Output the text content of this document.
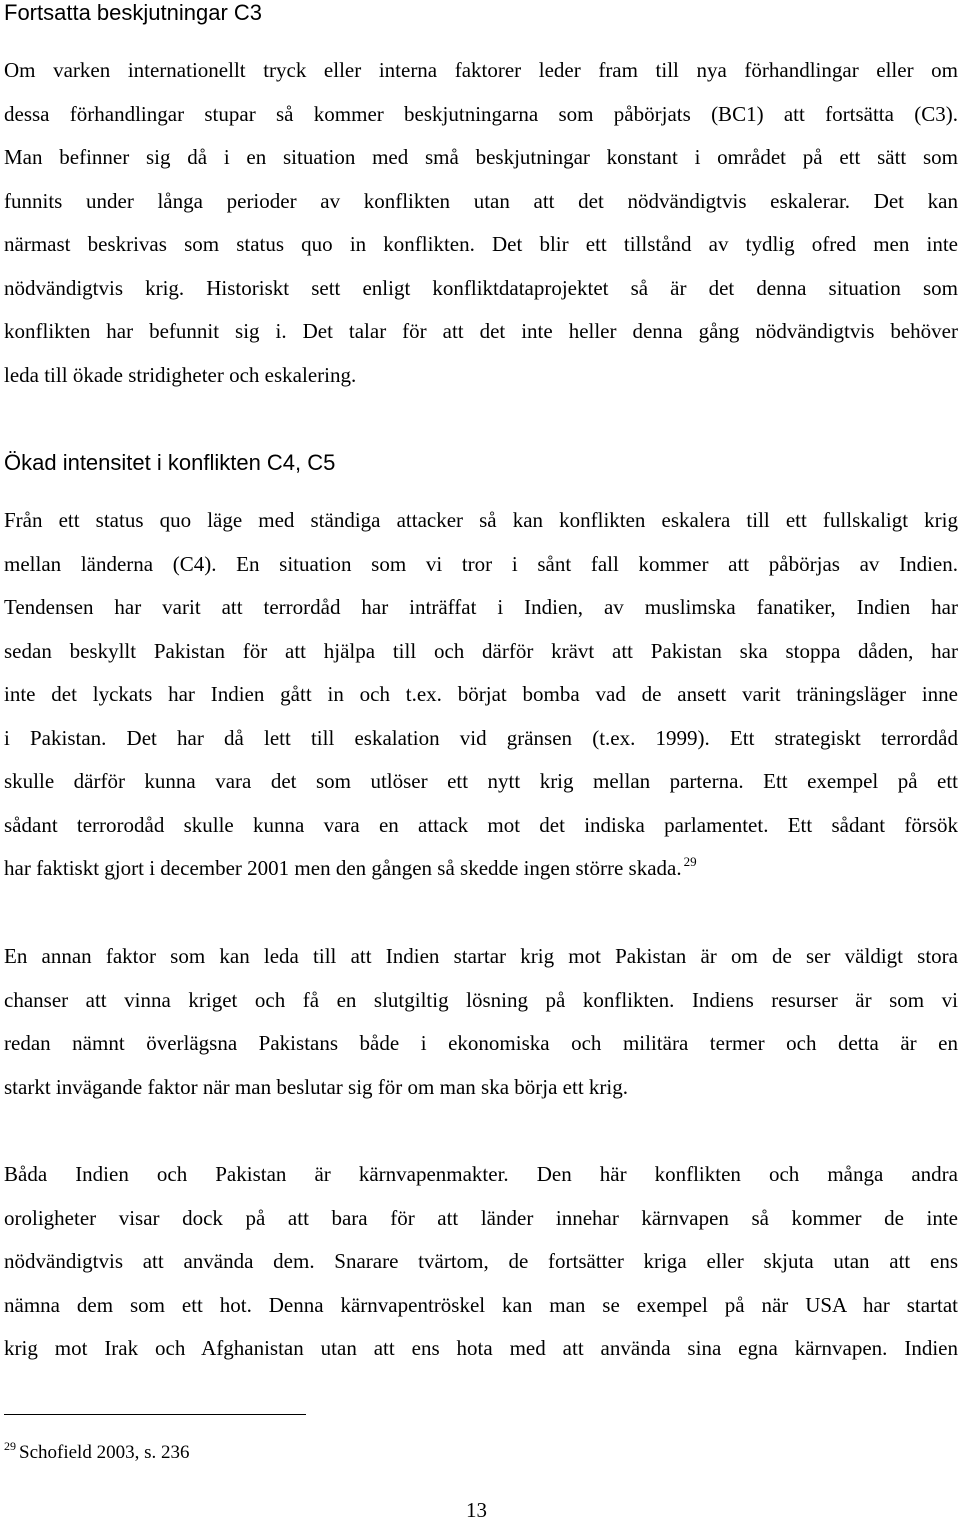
Fortsatta beskjutningar C3
Om varken internationellt tryck eller interna faktorer leder fram till nya förhandlingar eller om
dessa förhandlingar stupar så kommer beskjutningarna som påbörjats (BC1) att fortsätta (C3).
Man befinner sig då i en situation med små beskjutningar konstant i området på ett sätt som
funnits under långa perioder av konflikten utan att det nödvändigtvis eskalerar. Det kan
närmast beskrivas som status quo in konflikten. Det blir ett tillstånd av tydlig ofred men inte
nödvändigtvis krig. Historiskt sett enligt konfliktdataprojektet så är det denna situation som
konflikten har befunnit sig i. Det talar för att det inte heller denna gång nödvändigtvis behöver
leda till ökade stridigheter och eskalering.
Ökad intensitet i konflikten C4, C5
Från ett status quo läge med ständiga attacker så kan konflikten eskalera till ett fullskaligt krig
mellan länderna (C4). En situation som vi tror i sånt fall kommer att påbörjas av Indien.
Tendensen har varit att terrordåd har inträffat i Indien, av muslimska fanatiker, Indien har
sedan beskyllt Pakistan för att hjälpa till och därför krävt att Pakistan ska stoppa dåden, har
inte det lyckats har Indien gått in och t.ex. börjat bomba vad de ansett varit träningsläger inne
i Pakistan. Det har då lett till eskalation vid gränsen (t.ex. 1999). Ett strategiskt terrordåd
skulle därför kunna vara det som utlöser ett nytt krig mellan parterna. Ett exempel på ett
sådant terrorodåd skulle kunna vara en attack mot det indiska parlamentet. Ett sådant försök
har faktiskt gjort i december 2001 men den gången så skedde ingen större skada. $^{29}$
En annan faktor som kan leda till att Indien startar krig mot Pakistan är om de ser väldigt stora
chanser att vinna kriget och få en slutgiltig lösning på konflikten. Indiens resurser är som vi
redan nämnt överlägsna Pakistans både i ekonomiska och militära termer och detta är en
starkt invägande faktor när man beslutar sig för om man ska börja ett krig.
Båda Indien och Pakistan är kärnvapenmakter. Den här konflikten och många andra
oroligheter visar dock på att bara för att länder innehar kärnvapen så kommer de inte
nödvändigtvis att använda dem. Snarare tvärtom, de fortsätter kriga eller skjuta utan att ens
nämna dem som ett hot. Denna kärnvapentröskel kan man se exempel på när USA har startat
krig mot Irak och Afghanistan utan att ens hota med att använda sina egna kärnvapen. Indien
$^{29}$ Schofield 2003, s. 236
13
